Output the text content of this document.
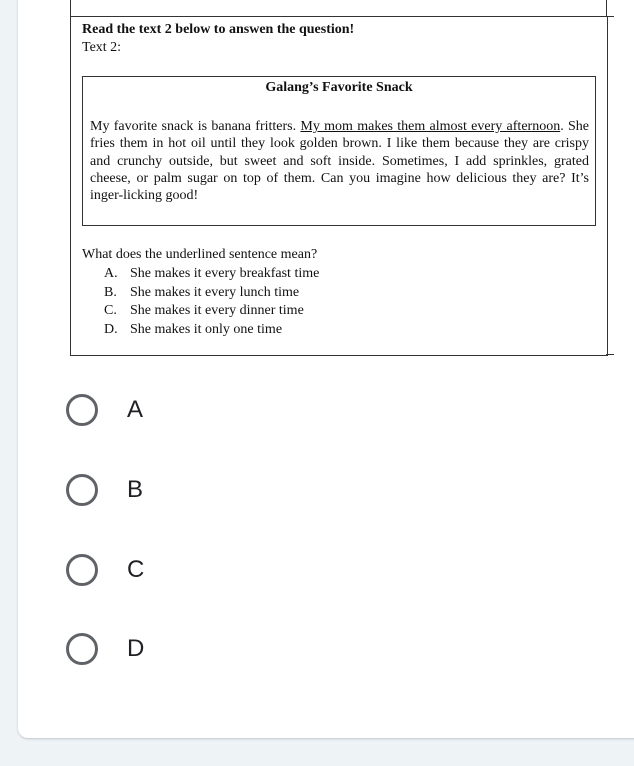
Read the text 2 below to answen the question!
Text 2:
Galang’s Favorite Snack
My favorite snack is banana fritters. My mom makes them almost every afternoon. She fries them in hot oil until they look golden brown. I like them because they are crispy and crunchy outside, but sweet and soft inside. Sometimes, I add sprinkles, grated cheese, or palm sugar on top of them. Can you imagine how delicious they are? It’s inger-licking good!
What does the underlined sentence mean?
A. She makes it every breakfast time
B. She makes it every lunch time
C. She makes it every dinner time
D. She makes it only one time
A
B
C
D
